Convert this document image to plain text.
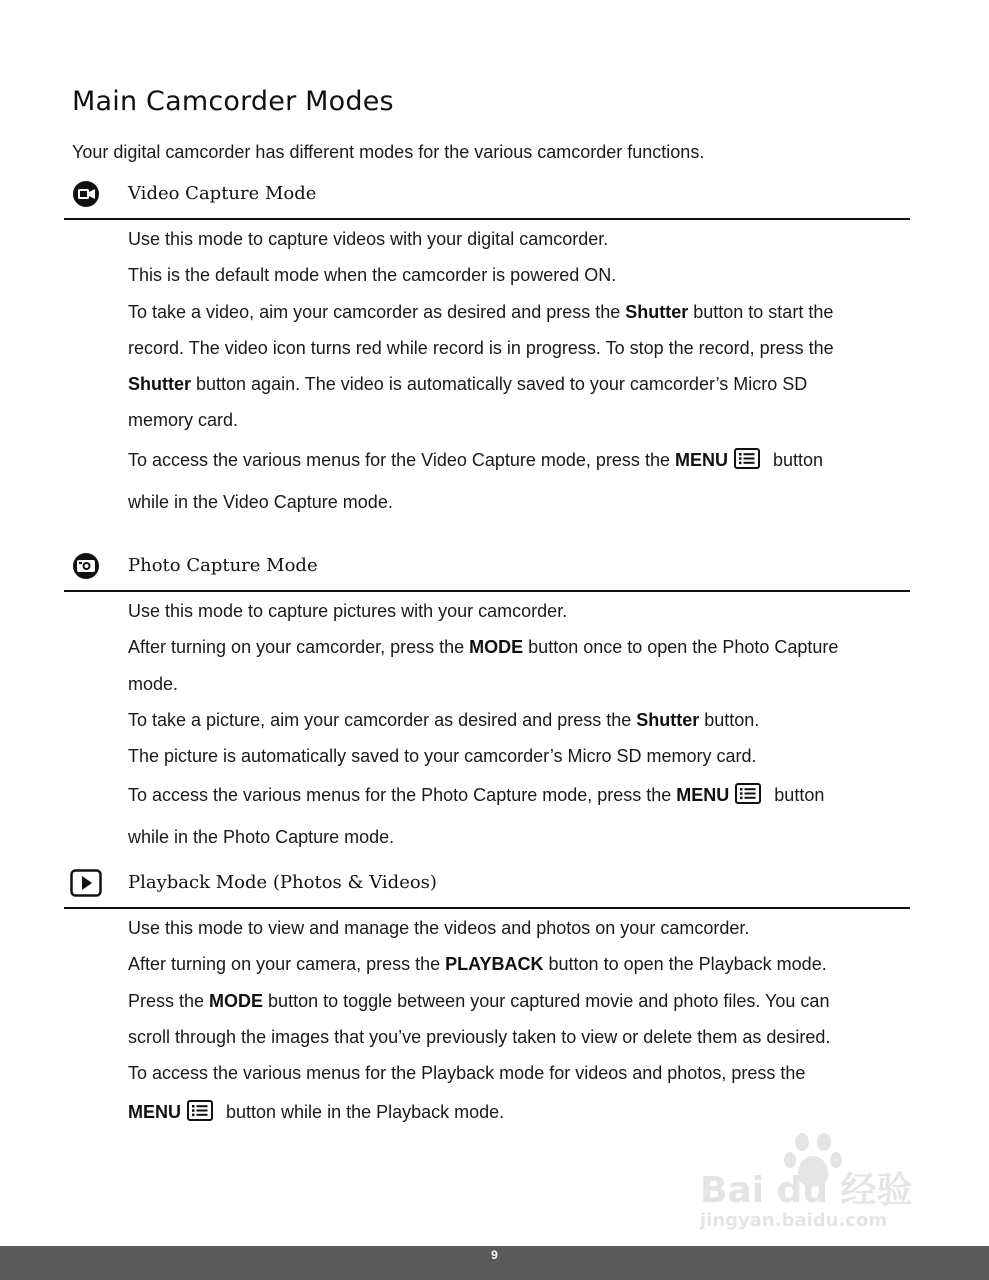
Main Camcorder Modes

Your digital camcorder has different modes for the various camcorder functions.

Video Capture Mode

Use this mode to capture videos with your digital camcorder.

This is the default mode when the camcorder is powered ON.

To take a video, aim your camcorder as desired and press the Shutter button to start the

record. The video icon turns red while record is in progress. To stop the record, press the

Shutter button again. The video is automatically saved to your camcorder’s Micro SD

memory card.

To access the various menus for the Video Capture mode, press the MENU button

while in the Video Capture mode.

Photo Capture Mode

Use this mode to capture pictures with your camcorder.

After turning on your camcorder, press the MODE button once to open the Photo Capture

mode.

To take a picture, aim your camcorder as desired and press the Shutter button.

The picture is automatically saved to your camcorder’s Micro SD memory card.

To access the various menus for the Photo Capture mode, press the MENU button

while in the Photo Capture mode.

Playback Mode (Photos & Videos)

Use this mode to view and manage the videos and photos on your camcorder.

After turning on your camera, press the PLAYBACK button to open the Playback mode.

Press the MODE button to toggle between your captured movie and photo files. You can

scroll through the images that you’ve previously taken to view or delete them as desired.

To access the various menus for the Playback mode for videos and photos, press the

MENU button while in the Playback mode.

Bai du 经验
jingyan.baidu.com
9
